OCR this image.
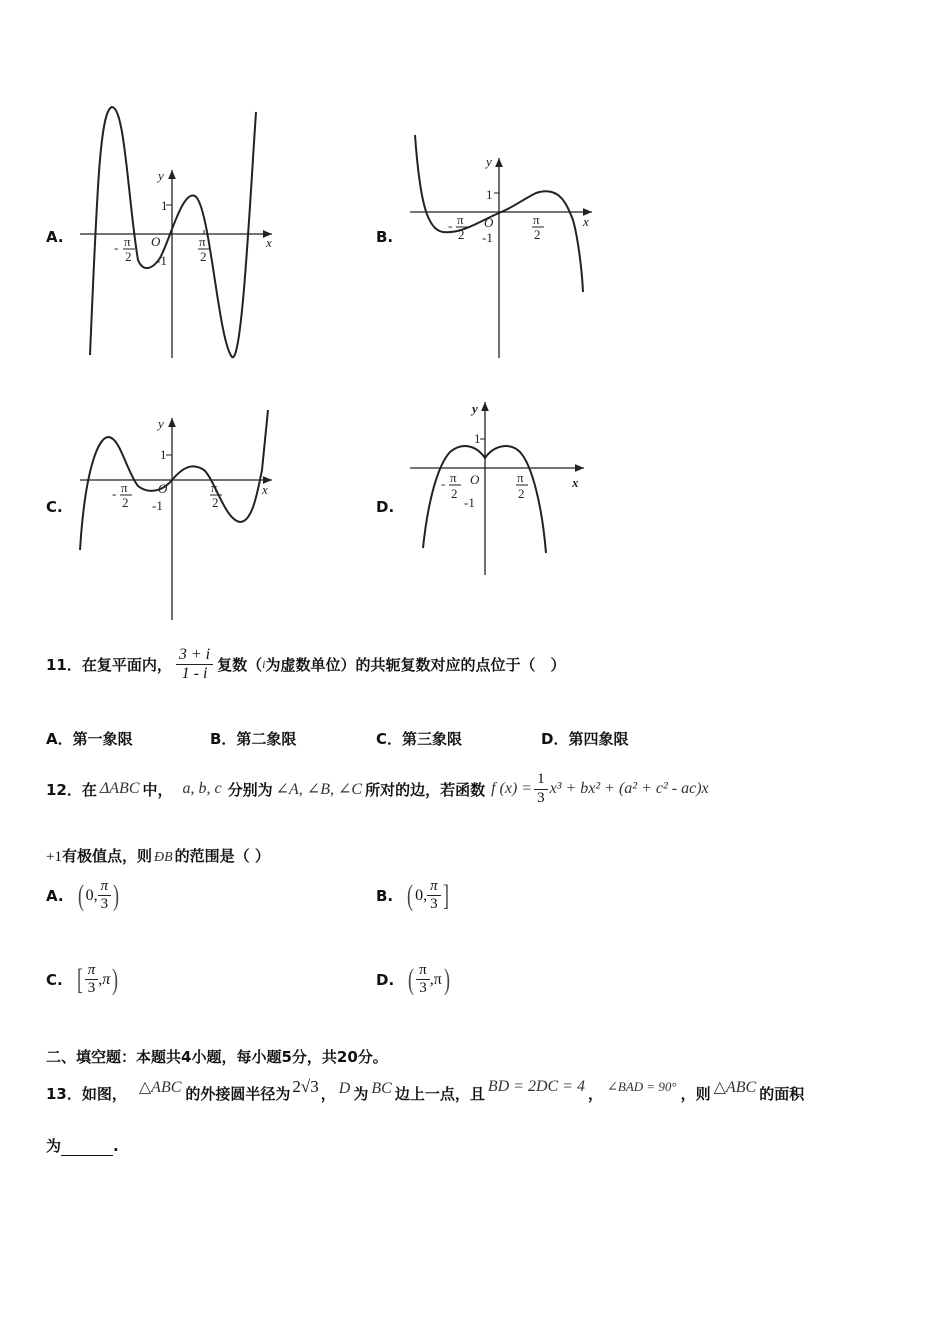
A.	B.
C.	D.
y
x
O
1
-1
- π
2
π
2
y
x
O
1
-1
- π
2
π
2
y
x
O
1
-1
- π
2
π
2
y
x
O
1
-1
- π
2
π
2
11．在复平面内， $\frac{3 + i}{1 - i}$ 复数（ i 为虚数单位）的共轭复数对应的点位于（　）
A．第一象限	B．第二象限	C．第三象限	D．第四象限
12．在 ΔABC 中， a, b, c 分别为 ∠A, ∠B, ∠C 所对的边，若函数 f $(x) = \frac{1}{3} x^3 + bx^2 + (a^2 + c^2 - ac)x$
+1有极值点，则 ÐB 的范围是（ ）
A. ( 0, $\frac{\pi}{3}$ )	B. ( 0, $\frac{\pi}{3}$ ]
C. [ $\frac{\pi}{3} ,\pi$ )	D. ( $\frac{\pi}{3} ,\pi$ )
二、填空题：本题共4小题，每小题5分，共20分。
13．如图， △ABC 的外接圆半径为 2√3 ， D 为 BC 边上一点，且 BD = 2DC = 4 ， ∠BAD = 90° ，则 △ABC 的面积
为	.
